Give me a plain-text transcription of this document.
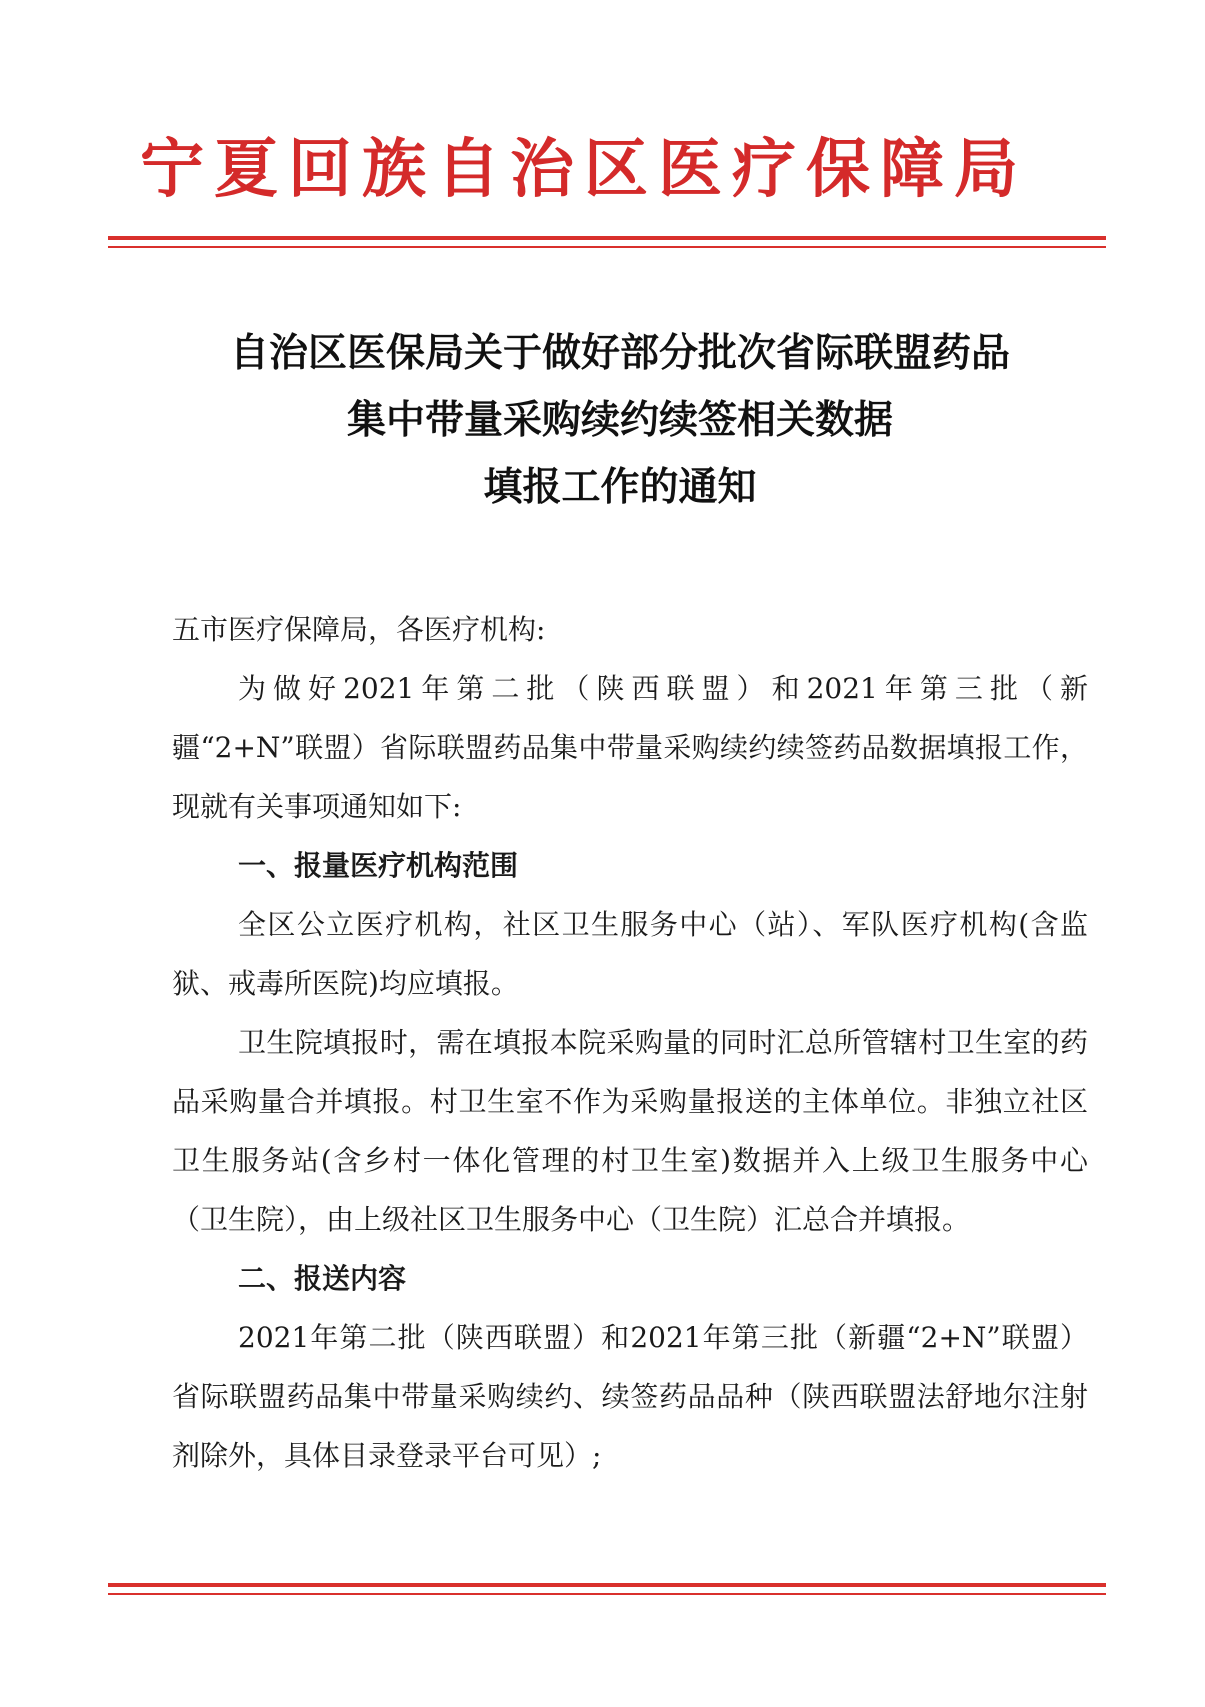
宁夏回族自治区医疗保障局
自治区医保局关于做好部分批次省际联盟药品
集中带量采购续约续签相关数据
填报工作的通知

五市医疗保障局，各医疗机构:

为做好2021年第二批（陕西联盟）和2021年第三批（新疆“2+N”联盟）省际联盟药品集中带量采购续约续签药品数据填报工作，现就有关事项通知如下:

一、报量医疗机构范围

全区公立医疗机构，社区卫生服务中心（站）、军队医疗机构(含监狱、戒毒所医院)均应填报。

卫生院填报时，需在填报本院采购量的同时汇总所管辖村卫生室的药品采购量合并填报。村卫生室不作为采购量报送的主体单位。非独立社区卫生服务站(含乡村一体化管理的村卫生室)数据并入上级卫生服务中心（卫生院），由上级社区卫生服务中心（卫生院）汇总合并填报。

二、报送内容

2021年第二批（陕西联盟）和2021年第三批（新疆“2+N”联盟）省际联盟药品集中带量采购续约、续签药品品种（陕西联盟法舒地尔注射剂除外，具体目录登录平台可见）;
